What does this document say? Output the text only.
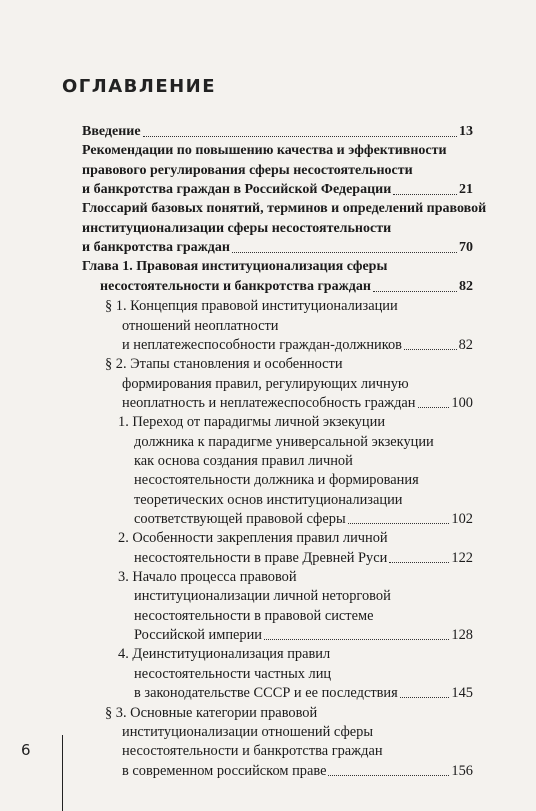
ОГЛАВЛЕНИЕ
Введение	13
Рекомендации по повышению качества и эффективности
правового регулирования сферы несостоятельности
и банкротства граждан в Российской Федерации	21
Глоссарий базовых понятий, терминов и определений правовой
институционализации сферы несостоятельности
и банкротства граждан	70
Глава 1. Правовая институционализация сферы
несостоятельности и банкротства граждан	82
§ 1. Концепция правовой институционализации
отношений неоплатности
и неплатежеспособности граждан-должников	82
§ 2. Этапы становления и особенности
формирования правил, регулирующих личную
неоплатность и неплатежеспособность граждан 100
1. Переход от парадигмы личной экзекуции
должника к парадигме универсальной экзекуции
как основа создания правил личной
несостоятельности должника и формирования
теоретических основ институционализации
соответствующей правовой сферы	102
2. Особенности закрепления правил личной
несостоятельности в праве Древней Руси	122
3. Начало процесса правовой
институционализации личной неторговой
несостоятельности в правовой системе
Российской империи	128
4. Деинституционализация правил
несостоятельности частных лиц
в законодательстве СССР и ее последствия	145
§ 3. Основные категории правовой
институционализации отношений сферы
несостоятельности и банкротства граждан
в современном российском праве	156
6
